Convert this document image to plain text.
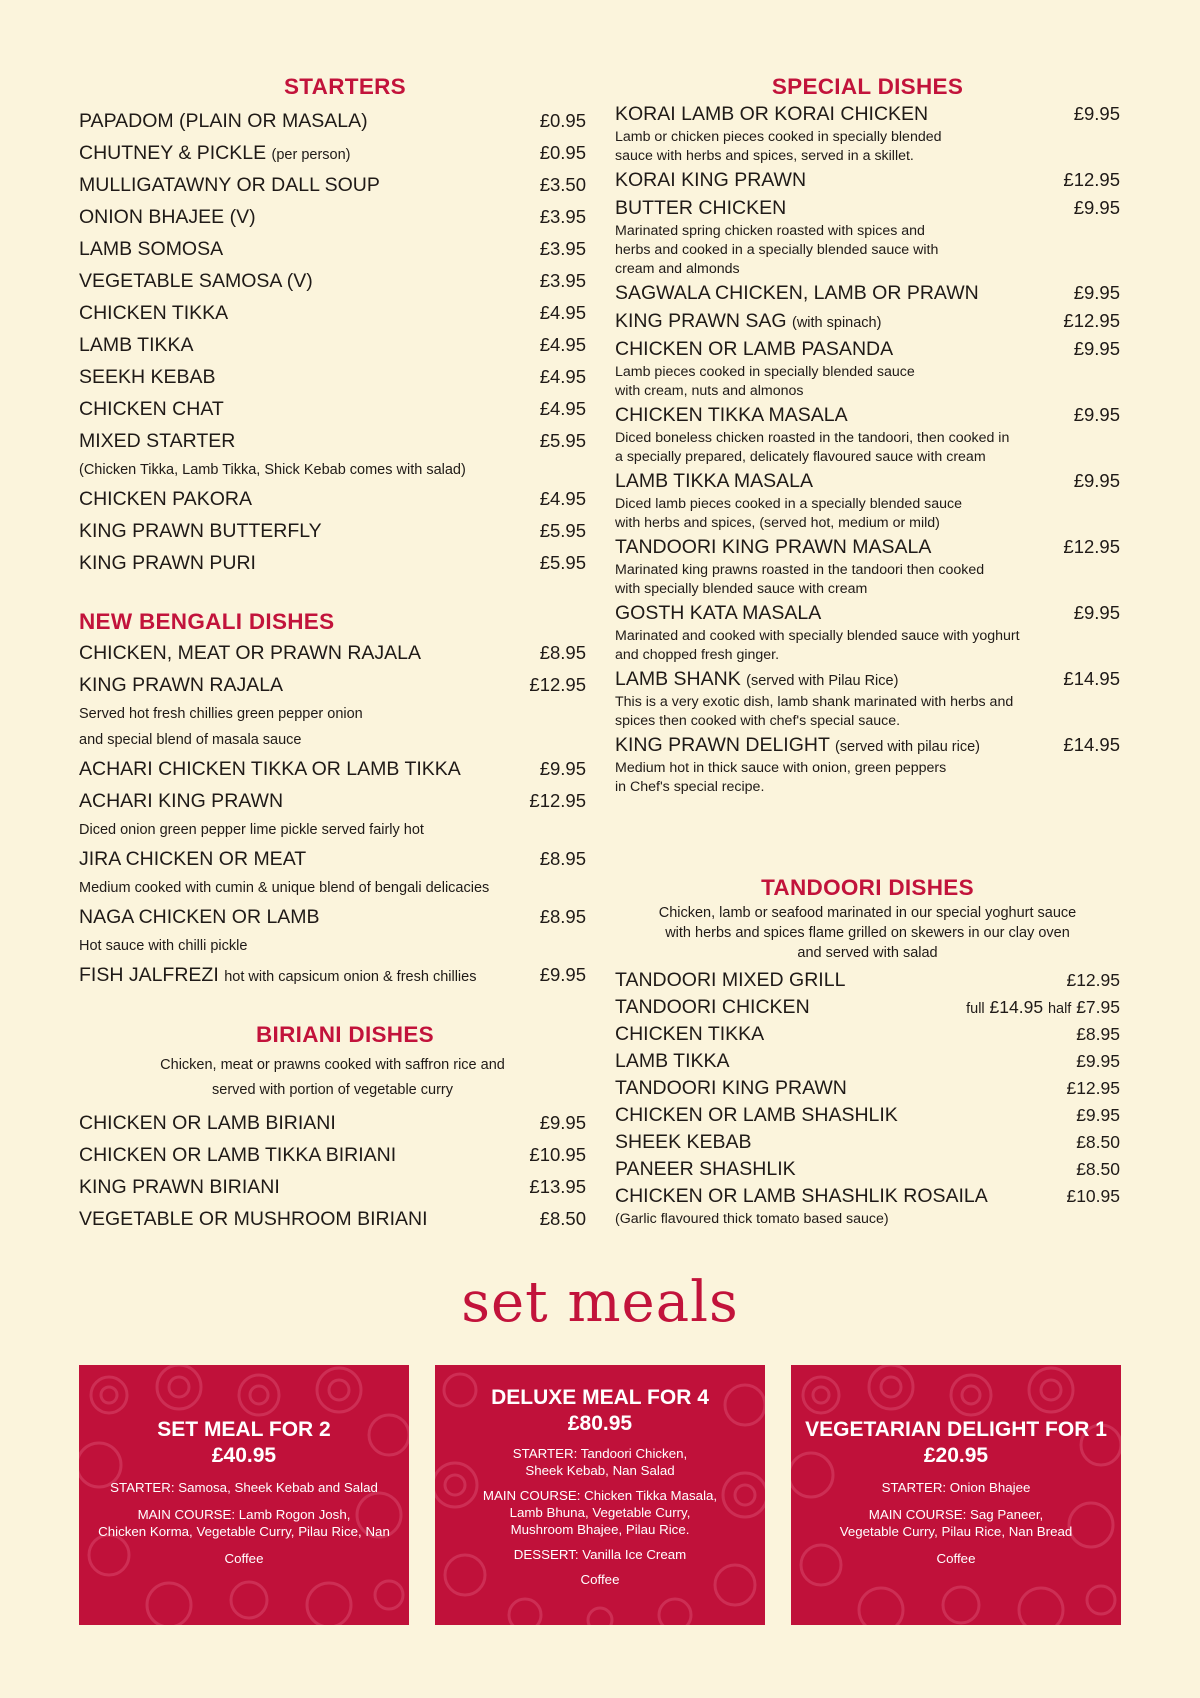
STARTERS
PAPADOM (PLAIN OR MASALA)	£0.95
CHUTNEY & PICKLE (per person)	£0.95
MULLIGATAWNY OR DALL SOUP	£3.50
ONION BHAJEE (V)	£3.95
LAMB SOMOSA	£3.95
VEGETABLE SAMOSA (V)	£3.95
CHICKEN TIKKA	£4.95
LAMB TIKKA	£4.95
SEEKH KEBAB	£4.95
CHICKEN CHAT	£4.95
MIXED STARTER	£5.95
(Chicken Tikka, Lamb Tikka, Shick Kebab comes with salad)
CHICKEN PAKORA	£4.95
KING PRAWN BUTTERFLY	£5.95
KING PRAWN PURI	£5.95
NEW BENGALI DISHES
CHICKEN, MEAT OR PRAWN RAJALA	£8.95
KING PRAWN RAJALA	£12.95
Served hot fresh chillies green pepper onion
and special blend of masala sauce
ACHARI CHICKEN TIKKA OR LAMB TIKKA	£9.95
ACHARI KING PRAWN	£12.95
Diced onion green pepper lime pickle served fairly hot
JIRA CHICKEN OR MEAT	£8.95
Medium cooked with cumin & unique blend of bengali delicacies
NAGA CHICKEN OR LAMB	£8.95
Hot sauce with chilli pickle
FISH JALFREZI hot with capsicum onion & fresh chillies	£9.95
BIRIANI DISHES
Chicken, meat or prawns cooked with saffron rice and
served with portion of vegetable curry
CHICKEN OR LAMB BIRIANI	£9.95
CHICKEN OR LAMB TIKKA BIRIANI	£10.95
KING PRAWN BIRIANI	£13.95
VEGETABLE OR MUSHROOM BIRIANI	£8.50
SPECIAL DISHES
KORAI LAMB OR KORAI CHICKEN	£9.95
Lamb or chicken pieces cooked in specially blended
sauce with herbs and spices, served in a skillet.
KORAI KING PRAWN	£12.95
BUTTER CHICKEN	£9.95
Marinated spring chicken roasted with spices and
herbs and cooked in a specially blended sauce with
cream and almonds
SAGWALA CHICKEN, LAMB OR PRAWN	£9.95
KING PRAWN SAG (with spinach)	£12.95
CHICKEN OR LAMB PASANDA	£9.95
Lamb pieces cooked in specially blended sauce
with cream, nuts and almonos
CHICKEN TIKKA MASALA	£9.95
Diced boneless chicken roasted in the tandoori, then cooked in
a specially prepared, delicately flavoured sauce with cream
LAMB TIKKA MASALA	£9.95
Diced lamb pieces cooked in a specially blended sauce
with herbs and spices, (served hot, medium or mild)
TANDOORI KING PRAWN MASALA	£12.95
Marinated king prawns roasted in the tandoori then cooked
with specially blended sauce with cream
GOSTH KATA MASALA	£9.95
Marinated and cooked with specially blended sauce with yoghurt
and chopped fresh ginger.
LAMB SHANK (served with Pilau Rice)	£14.95
This is a very exotic dish, lamb shank marinated with herbs and
spices then cooked with chef's special sauce.
KING PRAWN DELIGHT (served with pilau rice)	£14.95
Medium hot in thick sauce with onion, green peppers
in Chef's special recipe.
TANDOORI DISHES
Chicken, lamb or seafood marinated in our special yoghurt sauce
with herbs and spices flame grilled on skewers in our clay oven
and served with salad
TANDOORI MIXED GRILL	£12.95
TANDOORI CHICKEN	full £14.95 half £7.95
CHICKEN TIKKA	£8.95
LAMB TIKKA	£9.95
TANDOORI KING PRAWN	£12.95
CHICKEN OR LAMB SHASHLIK	£9.95
SHEEK KEBAB	£8.50
PANEER SHASHLIK	£8.50
CHICKEN OR LAMB SHASHLIK ROSAILA	£10.95
(Garlic flavoured thick tomato based sauce)
set meals
SET MEAL FOR 2
£40.95
STARTER: Samosa, Sheek Kebab and Salad
MAIN COURSE: Lamb Rogon Josh,
Chicken Korma, Vegetable Curry, Pilau Rice, Nan
Coffee
DELUXE MEAL FOR 4
£80.95
STARTER: Tandoori Chicken,
Sheek Kebab, Nan Salad
MAIN COURSE: Chicken Tikka Masala,
Lamb Bhuna, Vegetable Curry,
Mushroom Bhajee, Pilau Rice.
DESSERT: Vanilla Ice Cream
Coffee
VEGETARIAN DELIGHT FOR 1
£20.95
STARTER: Onion Bhajee
MAIN COURSE: Sag Paneer,
Vegetable Curry, Pilau Rice, Nan Bread
Coffee
